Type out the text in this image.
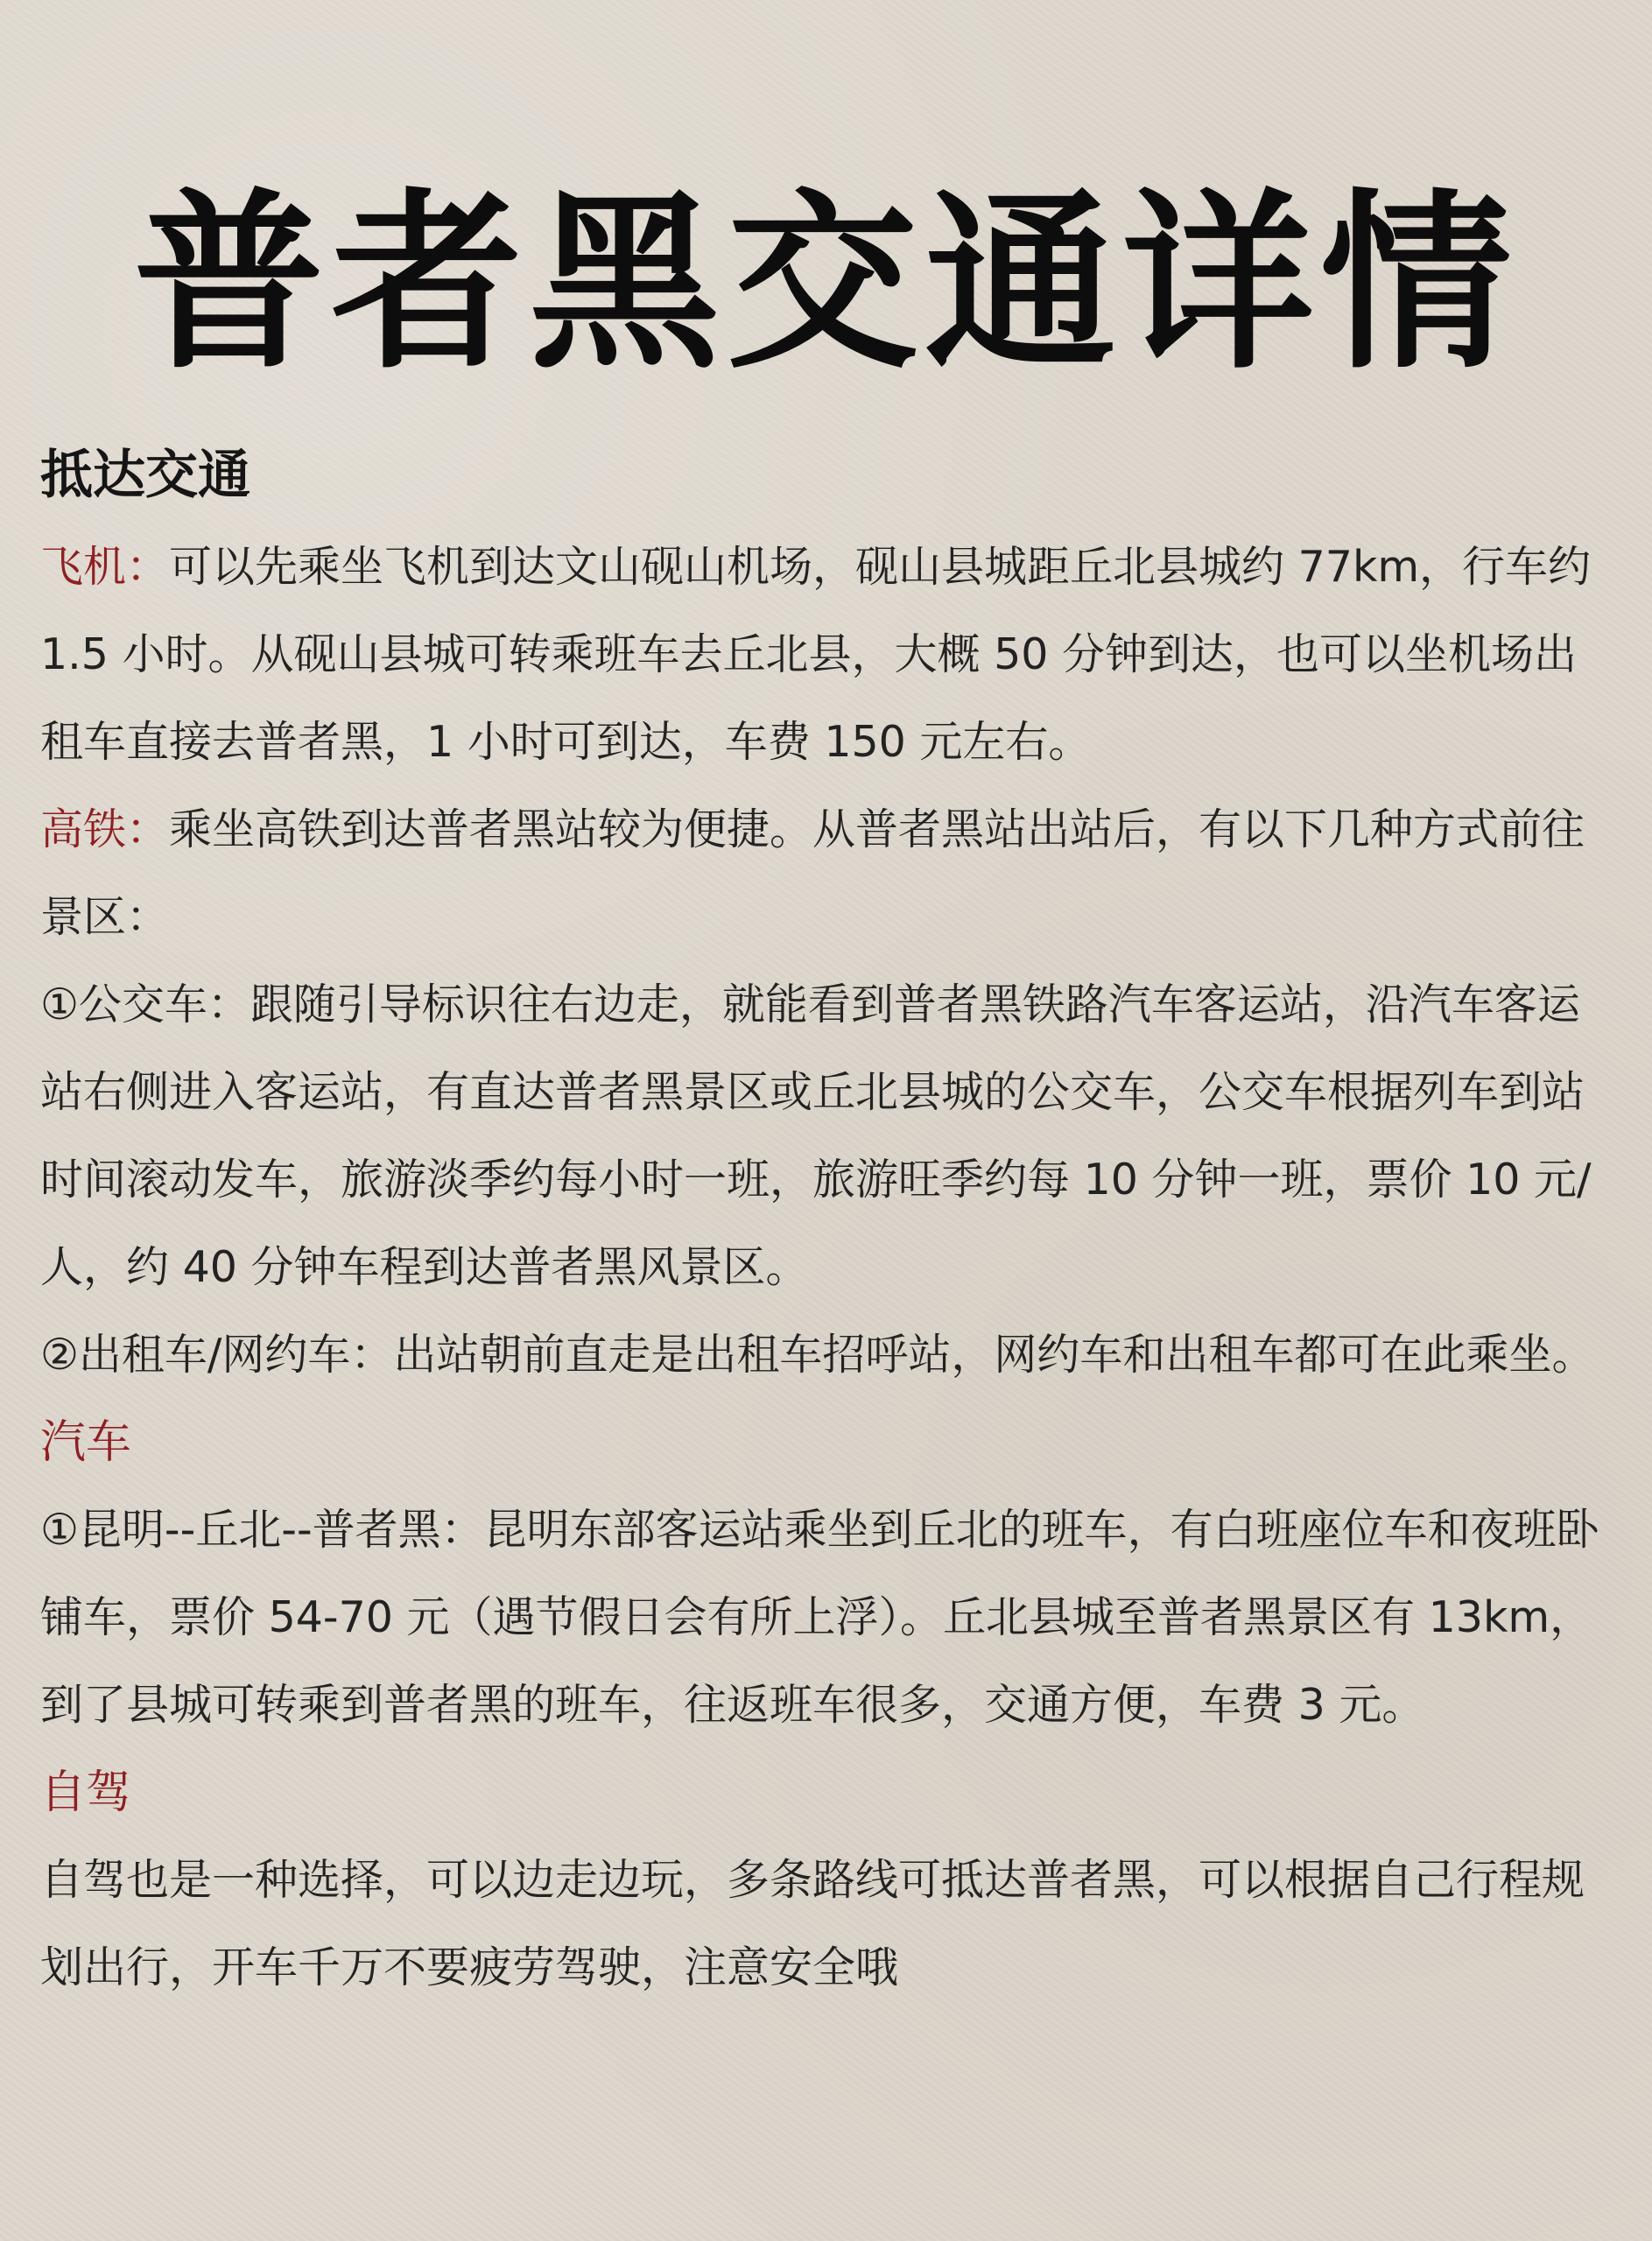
普者黑交通详情
抵达交通

飞机：可以先乘坐飞机到达文山砚山机场，砚山县城距丘北县城约 77km，行车约 1.5 小时。从砚山县城可转乘班车去丘北县，大概 50 分钟到达，也可以坐机场出租车直接去普者黑，1 小时可到达，车费 150 元左右。

高铁：乘坐高铁到达普者黑站较为便捷。从普者黑站出站后，有以下几种方式前往景区：

①公交车：跟随引导标识往右边走，就能看到普者黑铁路汽车客运站，沿汽车客运站右侧进入客运站，有直达普者黑景区或丘北县城的公交车，公交车根据列车到站时间滚动发车，旅游淡季约每小时一班，旅游旺季约每 10 分钟一班，票价 10 元/人，约 40 分钟车程到达普者黑风景区。

②出租车/网约车：出站朝前直走是出租车招呼站，网约车和出租车都可在此乘坐。

汽车

①昆明--丘北--普者黑：昆明东部客运站乘坐到丘北的班车，有白班座位车和夜班卧铺车，票价 54-70 元（遇节假日会有所上浮）。丘北县城至普者黑景区有 13km，到了县城可转乘到普者黑的班车，往返班车很多，交通方便，车费 3 元。

自驾

自驾也是一种选择，可以边走边玩，多条路线可抵达普者黑，可以根据自己行程规划出行，开车千万不要疲劳驾驶，注意安全哦
